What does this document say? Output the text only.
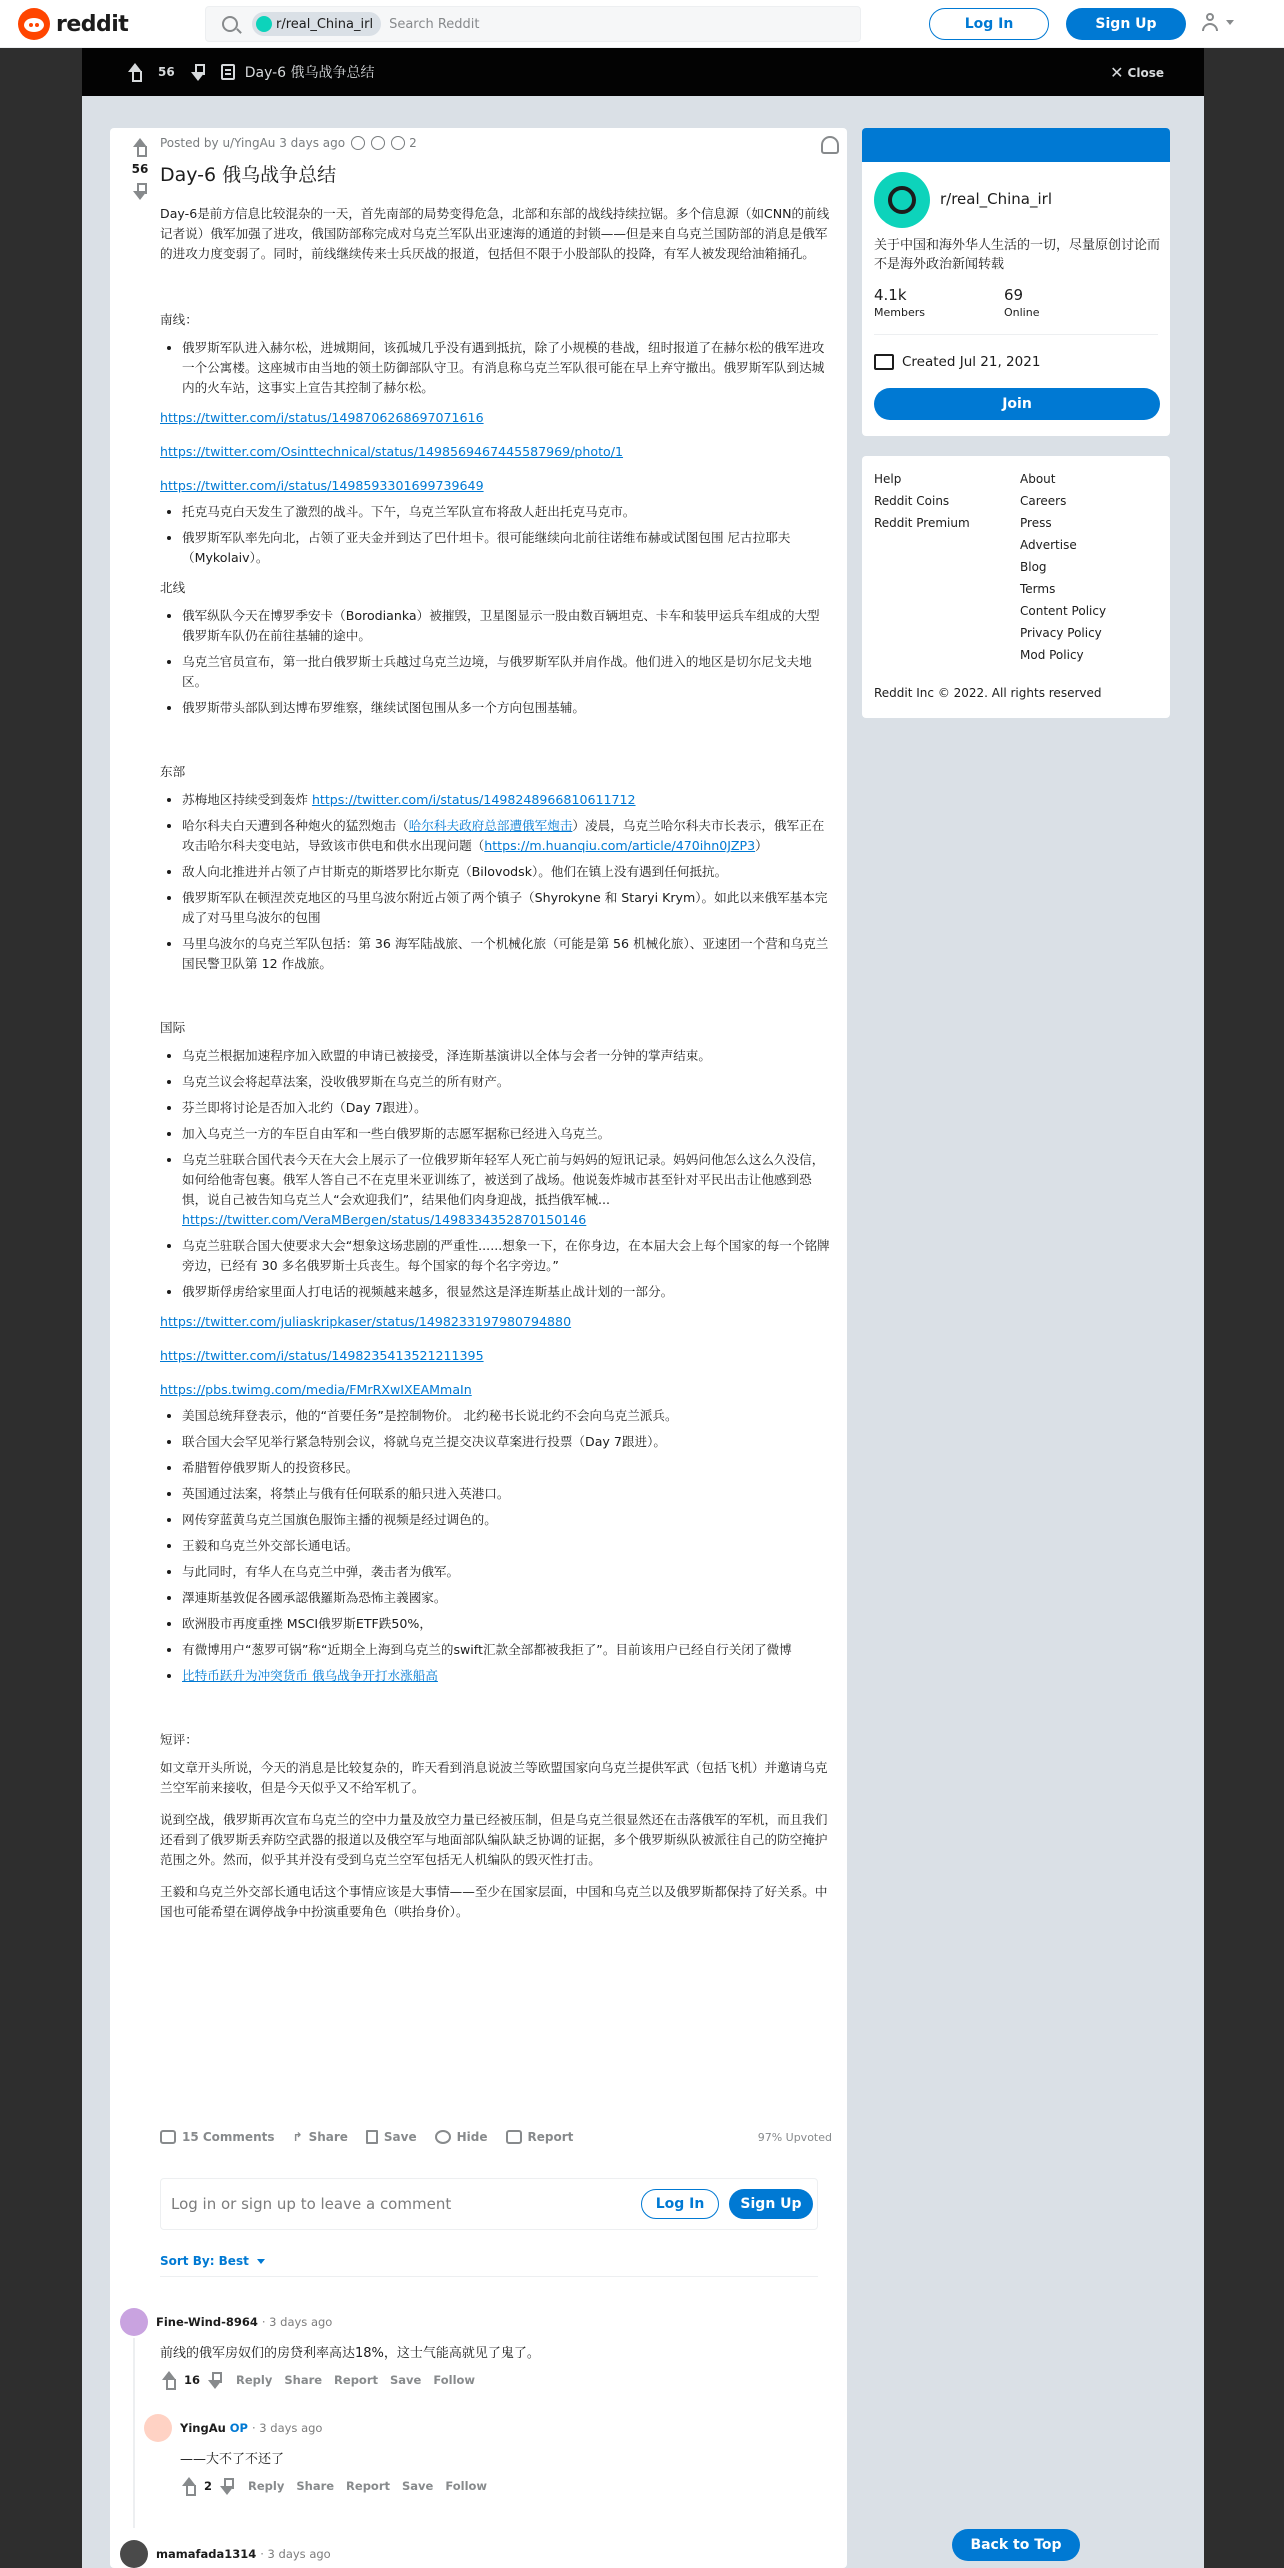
reddit	r/real_China_irl Search Reddit	Log In	Sign Up
56	Day-6 俄乌战争总结	✕ Close
56
Posted by u/YingAu 3 days ago	2
Day-6 俄乌战争总结

Day-6是前方信息比较混杂的一天，首先南部的局势变得危急，北部和东部的战线持续拉锯。多个信息源（如CNN的前线记者说）俄军加强了进攻，俄国防部称完成对乌克兰军队出亚速海的通道的封锁——但是来自乌克兰国防部的消息是俄军的进攻力度变弱了。同时，前线继续传来士兵厌战的报道，包括但不限于小股部队的投降，有军人被发现给油箱捅孔。

南线：

• 俄罗斯军队进入赫尔松，进城期间，该孤城几乎没有遇到抵抗，除了小规模的巷战，纽时报道了在赫尔松的俄军进攻一个公寓楼。这座城市由当地的领土防御部队守卫。有消息称乌克兰军队很可能在早上弃守撤出。俄罗斯军队到达城内的火车站，这事实上宣告其控制了赫尔松。

https://twitter.com/i/status/1498706268697071616

https://twitter.com/Osinttechnical/status/1498569467445587969/photo/1

https://twitter.com/i/status/1498593301699739649

• 托克马克白天发生了激烈的战斗。下午，乌克兰军队宣布将敌人赶出托克马克市。
• 俄罗斯军队率先向北，占领了亚夫金并到达了巴什坦卡。很可能继续向北前往诺维布赫或试图包围 尼古拉耶夫（Mykolaiv）。

北线

• 俄军纵队今天在博罗季安卡（Borodianka）被摧毁，卫星图显示一股由数百辆坦克、卡车和装甲运兵车组成的大型俄罗斯车队仍在前往基辅的途中。
• 乌克兰官员宣布，第一批白俄罗斯士兵越过乌克兰边境，与俄罗斯军队并肩作战。他们进入的地区是切尔尼戈夫地区。
• 俄罗斯带头部队到达博布罗维察，继续试图包围从多一个方向包围基辅。

东部

• 苏梅地区持续受到轰炸 https://twitter.com/i/status/1498248966810611712
• 哈尔科夫白天遭到各种炮火的猛烈炮击（哈尔科夫政府总部遭俄军炮击）凌晨，乌克兰哈尔科夫市长表示，俄军正在攻击哈尔科夫变电站，导致该市供电和供水出现问题（https://m.huanqiu.com/article/470ihn0JZP3）
• 敌人向北推进并占领了卢甘斯克的斯塔罗比尔斯克（Bilovodsk）。他们在镇上没有遇到任何抵抗。
• 俄罗斯军队在顿涅茨克地区的马里乌波尔附近占领了两个镇子（Shyrokyne 和 Staryi Krym）。如此以来俄军基本完成了对马里乌波尔的包围
• 马里乌波尔的乌克兰军队包括：第 36 海军陆战旅、一个机械化旅（可能是第 56 机械化旅）、亚速团一个营和乌克兰国民警卫队第 12 作战旅。

国际

• 乌克兰根据加速程序加入欧盟的申请已被接受，泽连斯基演讲以全体与会者一分钟的掌声结束。
• 乌克兰议会将起草法案，没收俄罗斯在乌克兰的所有财产。
• 芬兰即将讨论是否加入北约（Day 7跟进）。
• 加入乌克兰一方的车臣自由军和一些白俄罗斯的志愿军据称已经进入乌克兰。
• 乌克兰驻联合国代表今天在大会上展示了一位俄罗斯年轻军人死亡前与妈妈的短讯记录。妈妈问他怎么这么久没信，如何给他寄包裹。俄军人答自己不在克里米亚训练了，被送到了战场。他说轰炸城市甚至针对平民出击让他感到恐惧，说自己被告知乌克兰人“会欢迎我们”，结果他们肉身迎战，抵挡俄军械...
https://twitter.com/VeraMBergen/status/1498334352870150146
• 乌克兰驻联合国大使要求大会“想象这场悲剧的严重性......想象一下，在你身边，在本届大会上每个国家的每一个铭牌旁边，已经有 30 多名俄罗斯士兵丧生。每个国家的每个名字旁边。”
• 俄罗斯俘虏给家里面人打电话的视频越来越多，很显然这是泽连斯基止战计划的一部分。

https://twitter.com/juliaskripkaser/status/1498233197980794880

https://twitter.com/i/status/1498235413521211395

https://pbs.twimg.com/media/FMrRXwIXEAMmaIn

• 美国总统拜登表示，他的“首要任务”是控制物价。 北约秘书长说北约不会向乌克兰派兵。
• 联合国大会罕见举行紧急特别会议，将就乌克兰提交决议草案进行投票（Day 7跟进）。
• 希腊暂停俄罗斯人的投资移民。
• 英国通过法案，将禁止与俄有任何联系的船只进入英港口。
• 网传穿蓝黄乌克兰国旗色服饰主播的视频是经过调色的。
• 王毅和乌克兰外交部长通电话。
• 与此同时，有华人在乌克兰中弹，袭击者为俄军。
• 澤連斯基敦促各國承認俄羅斯為恐怖主義國家。
• 欧洲股市再度重挫 MSCI俄罗斯ETF跌50%，
• 有微博用户“葱罗可锅”称“近期全上海到乌克兰的swift汇款全部都被我拒了”。目前该用户已经自行关闭了微博
• 比特币跃升为冲突货币 俄乌战争开打水涨船高

短评：

如文章开头所说，今天的消息是比较复杂的，昨天看到消息说波兰等欧盟国家向乌克兰提供军武（包括飞机）并邀请乌克兰空军前来接收，但是今天似乎又不给军机了。

说到空战，俄罗斯再次宣布乌克兰的空中力量及放空力量已经被压制，但是乌克兰很显然还在击落俄军的军机，而且我们还看到了俄罗斯丢弃防空武器的报道以及俄空军与地面部队编队缺乏协调的证据，多个俄罗斯纵队被派往自己的防空掩护范围之外。然而，似乎其并没有受到乌克兰空军包括无人机编队的毁灭性打击。

王毅和乌克兰外交部长通电话这个事情应该是大事情——至少在国家层面，中国和乌克兰以及俄罗斯都保持了好关系。中国也可能希望在调停战争中扮演重要角色（哄抬身价）。

15 Comments ↱ Share	Save	Hide	Report	97% Upvoted
Log in or sign up to leave a comment	Log In	Sign Up
Sort By: Best
Fine-Wind-8964 · 3 days ago
前线的俄军房奴们的房贷利率高达18%，这士气能高就见了鬼了。
16	Reply Share Report Save Follow
YingAu OP · 3 days ago
——大不了不还了
2	Reply Share Report Save Follow
mamafada1314 · 3 days ago
r/real_China_irl
关于中国和海外华人生活的一切，尽量原创讨论而不是海外政治新闻转载
4.1k
Members
69
Online
Created Jul 21, 2021
Join
Help
Reddit Coins
Reddit Premium
About
Careers
Press
Advertise
Blog
Terms
Content Policy
Privacy Policy
Mod Policy
Reddit Inc © 2022. All rights reserved
Back to Top
